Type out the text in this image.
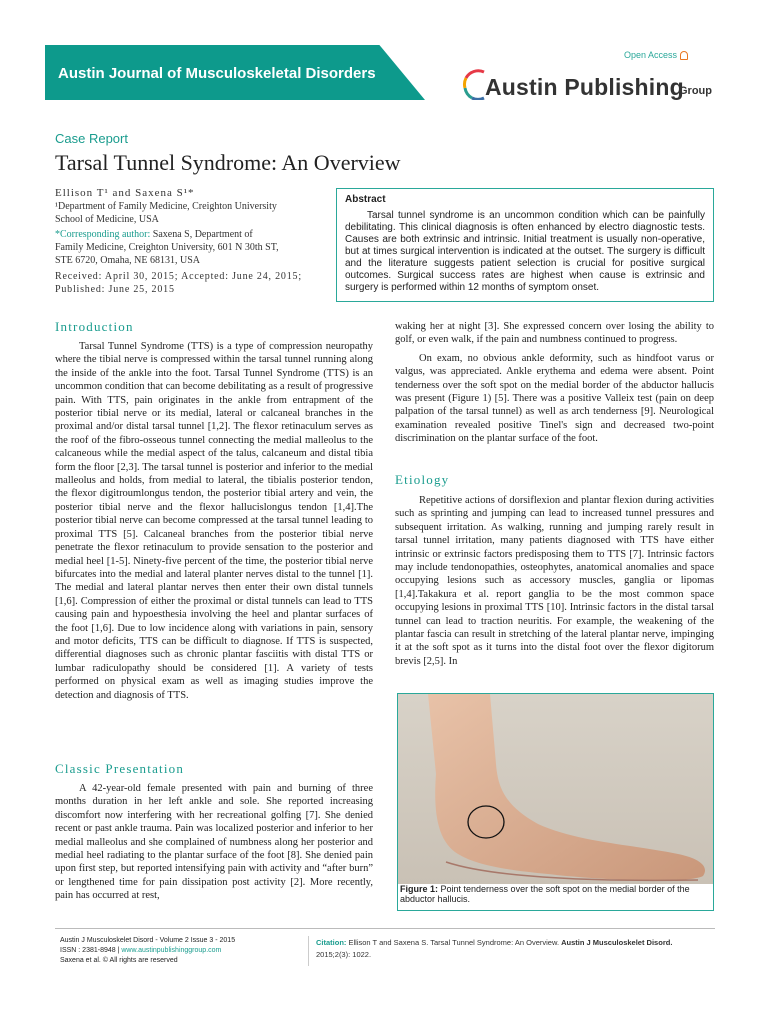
Open Access
Austin Journal of Musculoskeletal Disorders
Austin Publishing
Group
Case Report
Tarsal Tunnel Syndrome: An Overview
Ellison T¹ and Saxena S¹*
¹Department of Family Medicine, Creighton University
School of Medicine, USA
*Corresponding author: Saxena S, Department of
Family Medicine, Creighton University, 601 N 30th ST,
STE 6720, Omaha, NE 68131, USA
Received: April 30, 2015; Accepted: June 24, 2015;
Published: June 25, 2015
Abstract

Tarsal tunnel syndrome is an uncommon condition which can be painfully debilitating. This clinical diagnosis is often enhanced by electro diagnostic tests. Causes are both extrinsic and intrinsic. Initial treatment is usually non-operative, but at times surgical intervention is indicated at the outset. The surgery is difficult and the literature suggests patient selection is crucial for positive surgical outcomes. Surgical success rates are highest when cause is extrinsic and surgery is performed within 12 months of symptom onset.

Introduction

Tarsal Tunnel Syndrome (TTS) is a type of compression neuropathy where the tibial nerve is compressed within the tarsal tunnel running along the inside of the ankle into the foot. Tarsal Tunnel Syndrome (TTS) is an uncommon condition that can become debilitating as a result of progressive pain. With TTS, pain originates in the ankle from entrapment of the posterior tibial nerve or its medial, lateral or calcaneal branches in the proximal and/or distal tarsal tunnel [1,2]. The flexor retinaculum serves as the roof of the fibro-osseous tunnel connecting the medial malleolus to the calcaneous while the medial aspect of the talus, calcaneum and distal tibia form the floor [2,3]. The tarsal tunnel is posterior and inferior to the medial malleolus and holds, from medial to lateral, the tibialis posterior tendon, the flexor digitroumlongus tendon, the posterior tibial artery and vein, the posterior tibial nerve and the flexor hallucislongus tendon [1,4].The posterior tibial nerve can become compressed at the tarsal tunnel leading to proximal TTS [5]. Calcaneal branches from the posterior tibial nerve penetrate the flexor retinaculum to provide sensation to the posterior and medial heel [1-5]. Ninety-five percent of the time, the posterior tibial nerve bifurcates into the medial and lateral planter nerves distal to the tunnel [1]. The medial and lateral plantar nerves then enter their own distal tunnels [1,6]. Compression of either the proximal or distal tunnels can lead to TTS causing pain and hypoesthesia involving the heel and plantar surfaces of the foot [1,6]. Due to low incidence along with variations in pain, sensory and motor deficits, TTS can be difficult to diagnose. If TTS is suspected, differential diagnoses such as chronic plantar fasciitis with distal TTS or lumbar radiculopathy should be considered [1]. A variety of tests performed on physical exam as well as imaging studies improve the detection and diagnosis of TTS.

Classic Presentation

A 42-year-old female presented with pain and burning of three months duration in her left ankle and sole. She reported increasing discomfort now interfering with her recreational golfing [7]. She denied recent or past ankle trauma. Pain was localized posterior and inferior to her medial malleolus and she complained of numbness along her posterior and medial heel radiating to the plantar surface of the foot [8]. She denied pain upon first step, but reported intensifying pain with activity and “after burn” or lengthened time for pain dissipation post activity [2]. More recently, pain has occurred at rest,

waking her at night [3]. She expressed concern over losing the ability to golf, or even walk, if the pain and numbness continued to progress.

On exam, no obvious ankle deformity, such as hindfoot varus or valgus, was appreciated. Ankle erythema and edema were absent. Point tenderness over the soft spot on the medial border of the abductor hallucis was present (Figure 1) [5]. There was a positive Valleix test (pain on deep palpation of the tarsal tunnel) as well as arch tenderness [9]. Neurological examination revealed positive Tinel's sign and decreased two-point discrimination on the plantar surface of the foot.

Etiology

Repetitive actions of dorsiflexion and plantar flexion during activities such as sprinting and jumping can lead to increased tunnel pressures and subsequent irritation. As walking, running and jumping rarely result in tarsal tunnel irritation, many patients diagnosed with TTS have either intrinsic or extrinsic factors predisposing them to TTS [7]. Intrinsic factors may include tendonopathies, osteophytes, anatomical anomalies and space occupying lesions such as accessory muscles, ganglia or lipomas [1,4].Takakura et al. report ganglia to be the most common space occupying lesions in proximal TTS [10]. Intrinsic factors in the distal tarsal tunnel can lead to traction neuritis. For example, the weakening of the plantar fascia can result in stretching of the lateral plantar nerve, impinging it at the soft spot as it turns into the distal foot over the flexor digitorum brevis [2,5]. In

Figure 1: Point tenderness over the soft spot on the medial border of the abductor hallucis.
Austin J Musculoskelet Disord - Volume 2 Issue 3 - 2015
ISSN : 2381-8948 | www.austinpublishinggroup.com
Saxena et al. © All rights are reserved
Citation: Ellison T and Saxena S. Tarsal Tunnel Syndrome: An Overview. Austin J Musculoskelet Disord.
2015;2(3): 1022.
